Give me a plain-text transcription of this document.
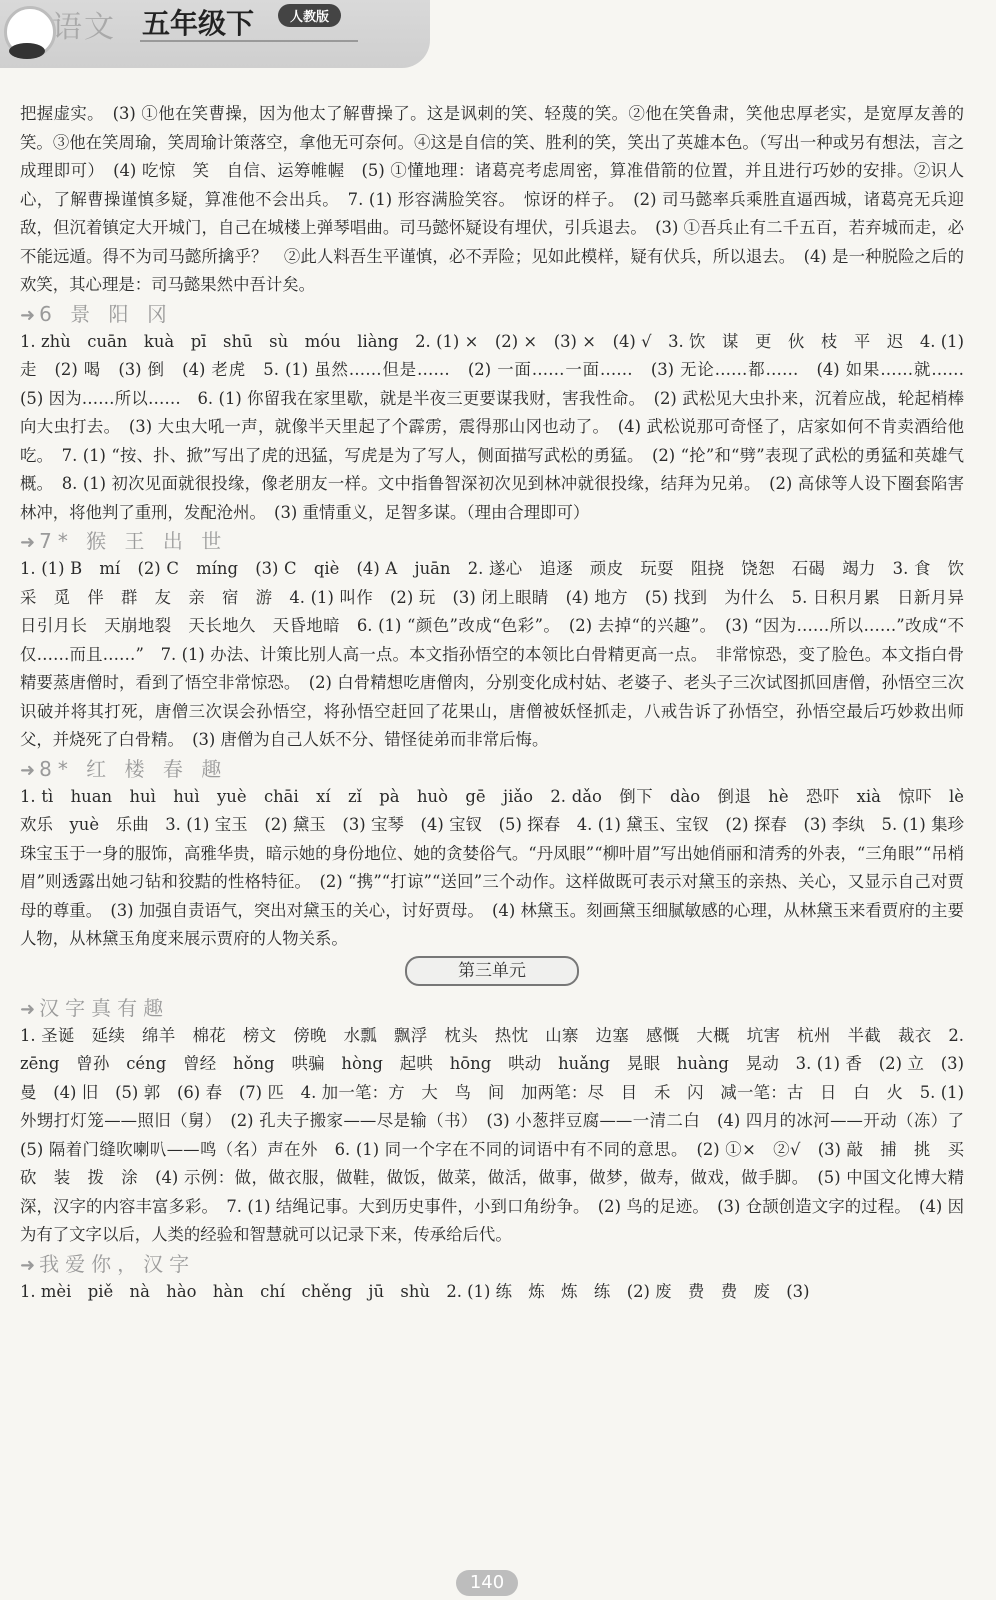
语文 五年级下	人教版

把握虚实。　(3) ①他在笑曹操，因为他太了解曹操了。这是讽刺的笑、轻蔑的笑。②他在笑鲁肃，笑他忠厚老实，是宽厚友善的笑。③他在笑周瑜，笑周瑜计策落空，拿他无可奈何。④这是自信的笑、胜利的笑，笑出了英雄本色。（写出一种或另有想法，言之成理即可）　(4) 吃惊　笑　自信、运筹帷幄　(5) ①懂地理：诸葛亮考虑周密，算准借箭的位置，并且进行巧妙的安排。②识人心，了解曹操谨慎多疑，算准他不会出兵。　7. (1) 形容满脸笑容。　惊讶的样子。　(2) 司马懿率兵乘胜直逼西城，诸葛亮无兵迎敌，但沉着镇定大开城门，自己在城楼上弹琴唱曲。司马懿怀疑设有埋伏，引兵退去。　(3) ①吾兵止有二千五百，若弃城而走，必不能远遁。得不为司马懿所擒乎？　②此人料吾生平谨慎，必不弄险；见如此模样，疑有伏兵，所以退去。　(4) 是一种脱险之后的欢笑，其心理是：司马懿果然中吾计矣。

➜ 6 景 阳 冈

1. zhù　cuān　kuà　pī　shū　sù　móu　liàng　2. (1) ×　(2) ×　(3) ×　(4) √　3. 饮　谋　更　伙　枝　平　迟　4. (1) 走　(2) 喝　(3) 倒　(4) 老虎　5. (1) 虽然……但是……　(2) 一面……一面……　(3) 无论……都……　(4) 如果……就……　(5) 因为……所以……　6. (1) 你留我在家里歇，就是半夜三更要谋我财，害我性命。　(2) 武松见大虫扑来，沉着应战，轮起梢棒向大虫打去。　(3) 大虫大吼一声，就像半天里起了个霹雳，震得那山冈也动了。　(4) 武松说那可奇怪了，店家如何不肯卖酒给他吃。　7. (1) “按、扑、掀”写出了虎的迅猛，写虎是为了写人，侧面描写武松的勇猛。　(2) “抡”和“劈”表现了武松的勇猛和英雄气概。　8. (1) 初次见面就很投缘，像老朋友一样。文中指鲁智深初次见到林冲就很投缘，结拜为兄弟。　(2) 高俅等人设下圈套陷害林冲，将他判了重刑，发配沧州。　(3) 重情重义，足智多谋。（理由合理即可）

➜ 7* 猴 王 出 世

1. (1) B　mí　(2) C　míng　(3) C　qiè　(4) A　juān　2. 遂心　追逐　顽皮　玩耍　阻挠　饶恕　石碣　竭力　3. 食　饮　采　觅　伴　群　友　亲　宿　游　4. (1) 叫作　(2) 玩　(3) 闭上眼睛　(4) 地方　(5) 找到　为什么　5. 日积月累　日新月异　日引月长　天崩地裂　天长地久　天昏地暗　6. (1) “颜色”改成“色彩”。　(2) 去掉“的兴趣”。　(3) “因为……所以……”改成“不仅……而且……”　7. (1) 办法、计策比别人高一点。本文指孙悟空的本领比白骨精更高一点。　非常惊恐，变了脸色。本文指白骨精要蒸唐僧时，看到了悟空非常惊恐。　(2) 白骨精想吃唐僧肉，分别变化成村姑、老婆子、老头子三次试图抓回唐僧，孙悟空三次识破并将其打死，唐僧三次误会孙悟空，将孙悟空赶回了花果山，唐僧被妖怪抓走，八戒告诉了孙悟空，孙悟空最后巧妙救出师父，并烧死了白骨精。　(3) 唐僧为自己人妖不分、错怪徒弟而非常后悔。

➜ 8* 红 楼 春 趣

1. tì　huan　huì　huì　yuè　chāi　xí　zǐ　pà　huò　gē　jiǎo　2. dǎo　倒下　dào　倒退　hè　恐吓　xià　惊吓　lè　欢乐　yuè　乐曲　3. (1) 宝玉　(2) 黛玉　(3) 宝琴　(4) 宝钗　(5) 探春　4. (1) 黛玉、宝钗　(2) 探春　(3) 李纨　5. (1) 集珍珠宝玉于一身的服饰，高雅华贵，暗示她的身份地位、她的贪婪俗气。“丹凤眼”“柳叶眉”写出她俏丽和清秀的外表，“三角眼”“吊梢眉”则透露出她刁钻和狡黠的性格特征。　(2) “携”“打谅”“送回”三个动作。这样做既可表示对黛玉的亲热、关心，又显示自己对贾母的尊重。　(3) 加强自责语气，突出对黛玉的关心，讨好贾母。　(4) 林黛玉。刻画黛玉细腻敏感的心理，从林黛玉来看贾府的主要人物，从林黛玉角度来展示贾府的人物关系。

第三单元
➜ 汉字真有趣

1. 圣诞　延续　绵羊　棉花　榜文　傍晚　水瓢　飘浮　枕头　热忱　山寨　边塞　感慨　大概　坑害　杭州　半截　裁衣　2. zēng　曾孙　céng　曾经　hǒng　哄骗　hòng　起哄　hōng　哄动　huǎng　晃眼　huàng　晃动　3. (1) 香　(2) 立　(3) 曼　(4) 旧　(5) 郭　(6) 春　(7) 匹　4. 加一笔：方　大　鸟　间　加两笔：尽　目　禾　闪　减一笔：古　日　白　火　5. (1) 外甥打灯笼——照旧（舅）　(2) 孔夫子搬家——尽是输（书）　(3) 小葱拌豆腐——一清二白　(4) 四月的冰河——开动（冻）了　(5) 隔着门缝吹喇叭——鸣（名）声在外　6. (1) 同一个字在不同的词语中有不同的意思。　(2) ①×　②√　(3) 敲　捕　挑　买　砍　装　拨　涂　(4) 示例：做，做衣服，做鞋，做饭，做菜，做活，做事，做梦，做寿，做戏，做手脚。　(5) 中国文化博大精深，汉字的内容丰富多彩。　7. (1) 结绳记事。大到历史事件，小到口角纷争。　(2) 鸟的足迹。　(3) 仓颉创造文字的过程。　(4) 因为有了文字以后，人类的经验和智慧就可以记录下来，传承给后代。

➜ 我爱你，汉字

1. mèi　piě　nà　hào　hàn　chí　chěng　jū　shù　2. (1) 练　炼　炼　练　(2) 废　费　费　废　(3)

140
